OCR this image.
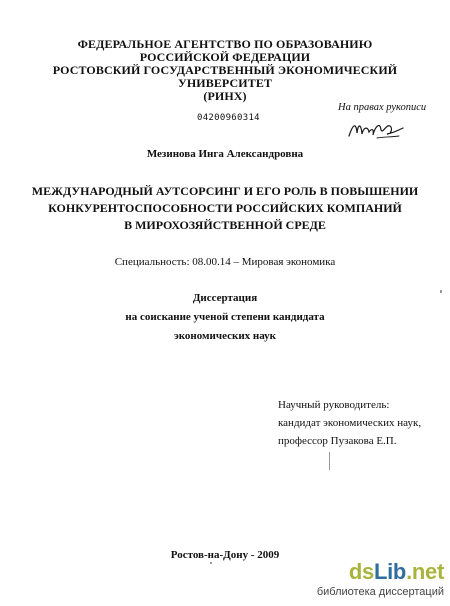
ФЕДЕРАЛЬНОЕ АГЕНТСТВО ПО ОБРАЗОВАНИЮ
РОССИЙСКОЙ ФЕДЕРАЦИИ
РОСТОВСКИЙ ГОСУДАРСТВЕННЫЙ ЭКОНОМИЧЕСКИЙ
УНИВЕРСИТЕТ
(РИНХ)
На правах рукописи
04200960314
Мезинова Инга Александровна
МЕЖДУНАРОДНЫЙ АУТСОРСИНГ И ЕГО РОЛЬ В ПОВЫШЕНИИ
КОНКУРЕНТОСПОСОБНОСТИ РОССИЙСКИХ КОМПАНИЙ
В МИРОХОЗЯЙСТВЕННОЙ СРЕДЕ
Специальность: 08.00.14 – Мировая экономика
Диссертация
на соискание ученой степени кандидата
экономических наук
Научный руководитель:
кандидат экономических наук,
профессор Пузакова Е.П.
Ростов-на-Дону - 2009
dsLib.net
библиотека диссертаций
